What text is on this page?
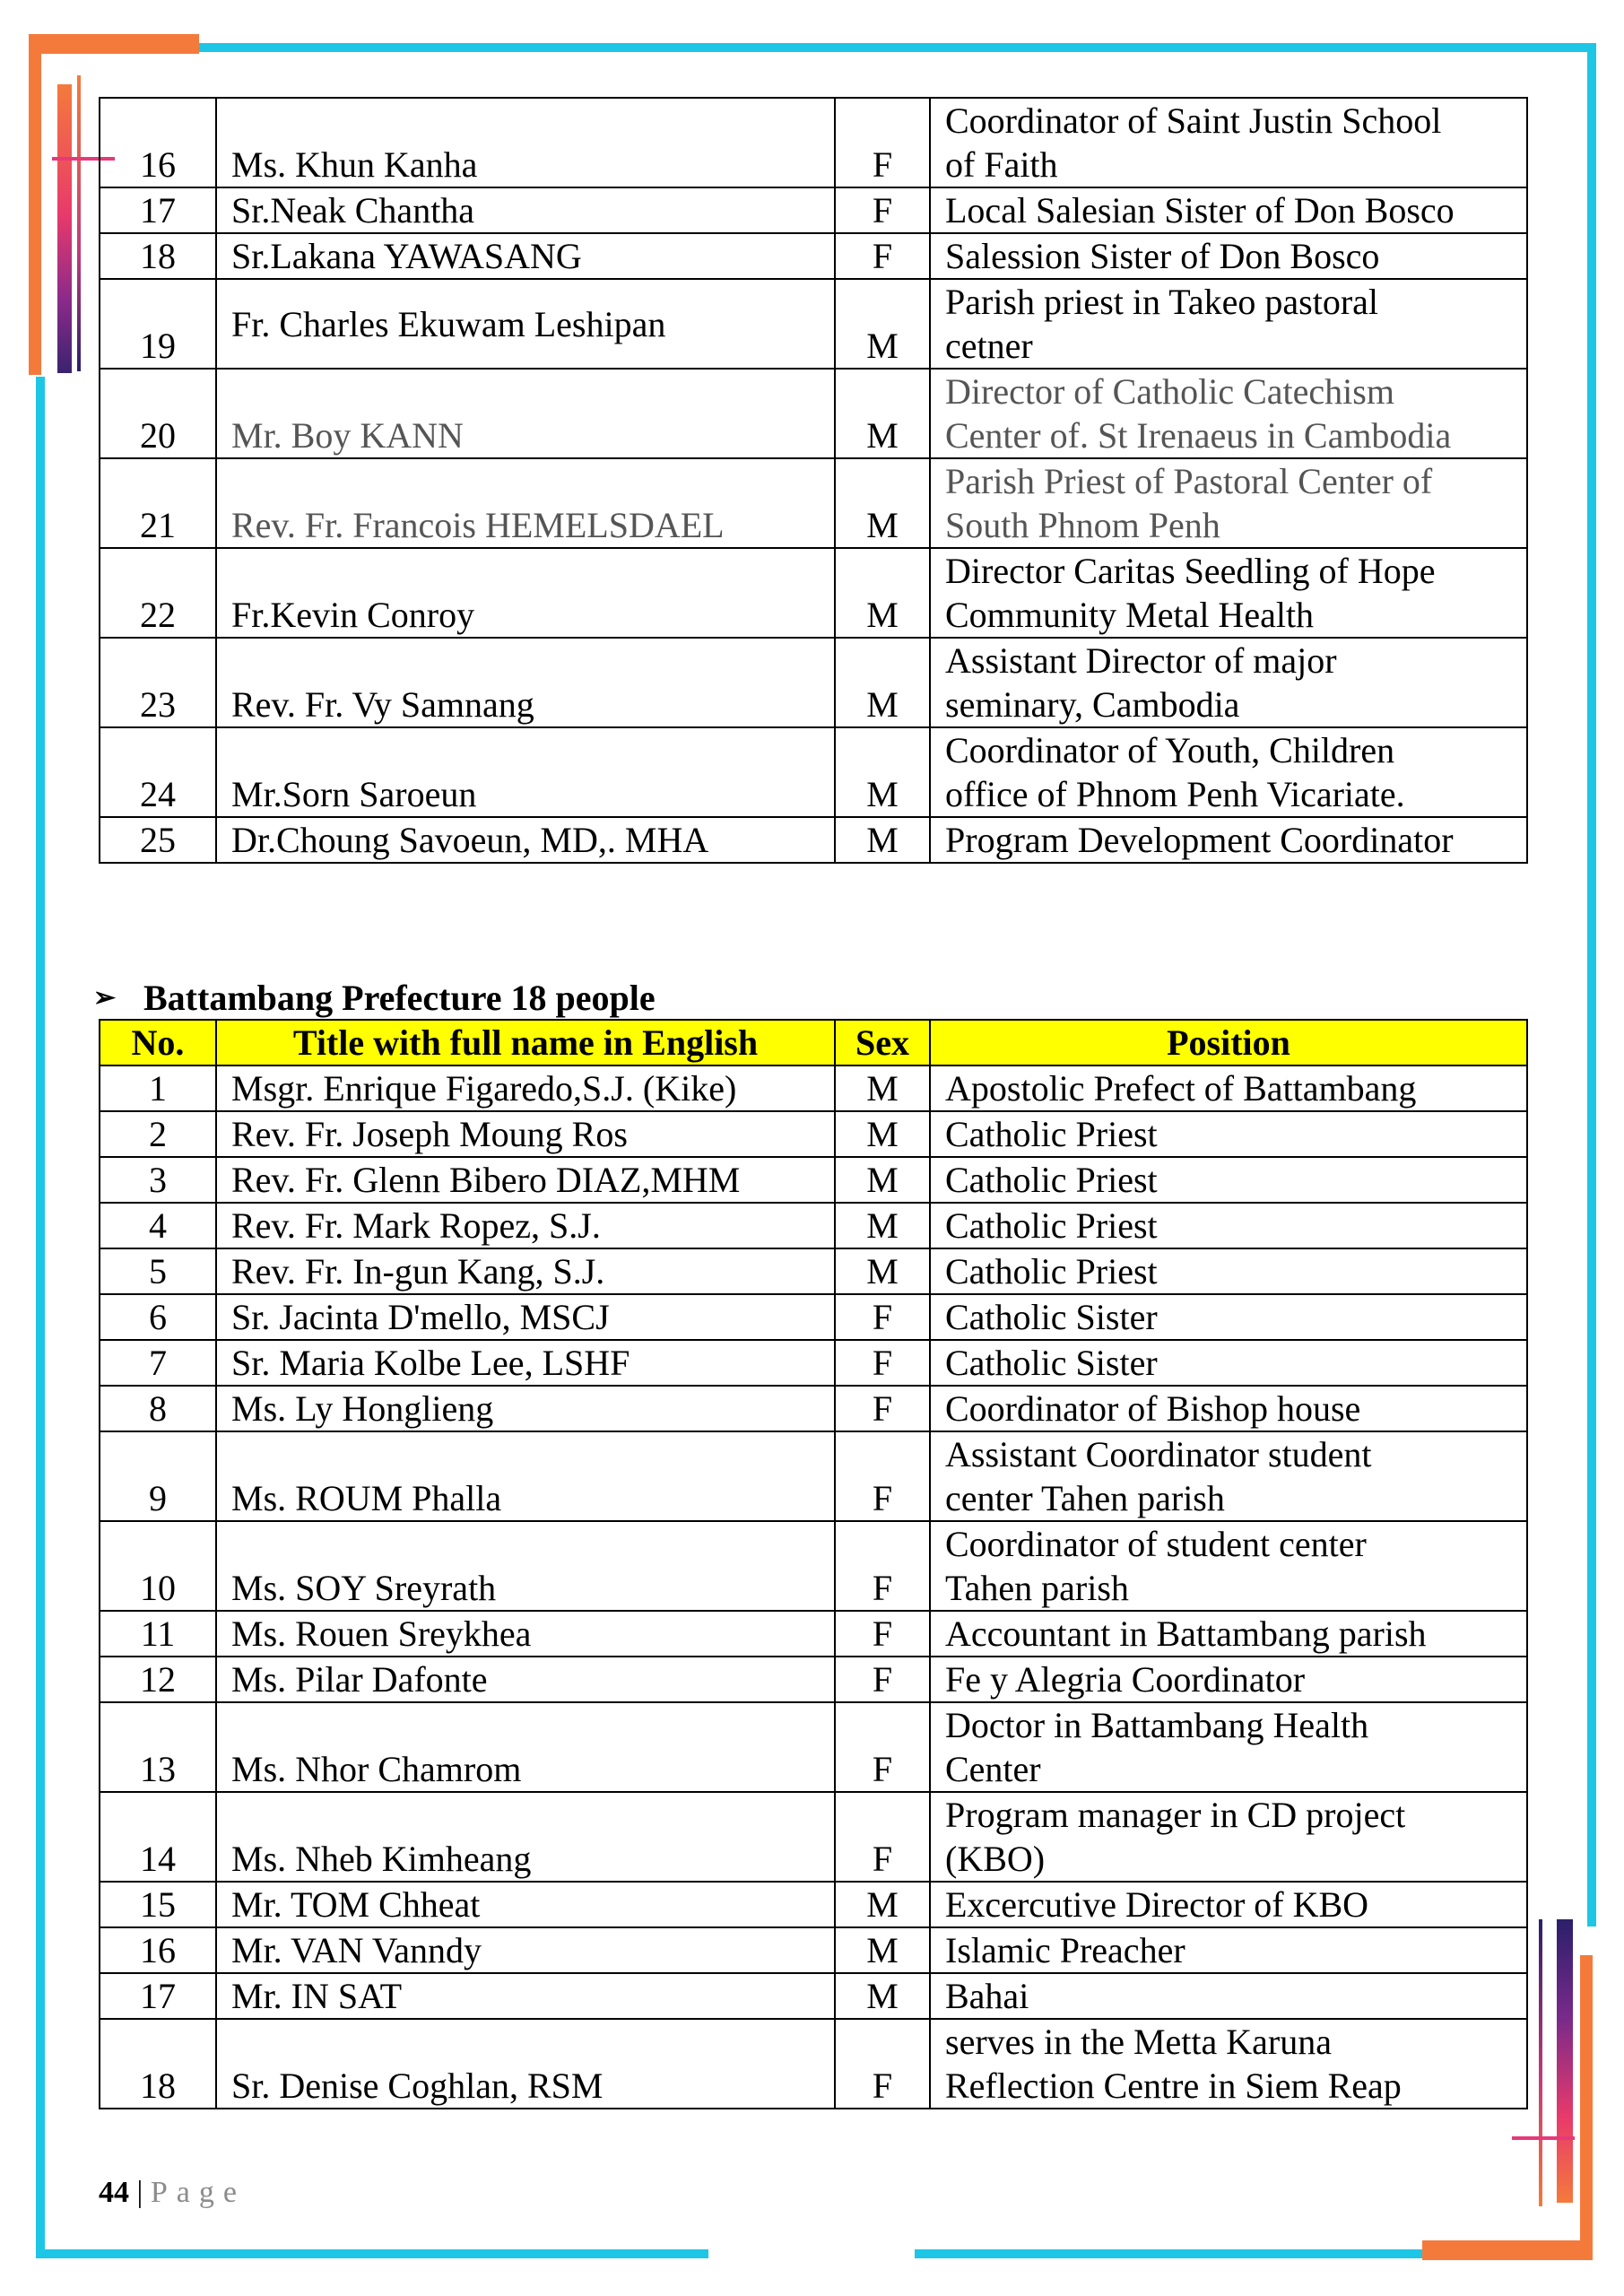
16	Ms. Khun Kanha	F	Coordinator of Saint Justin School
of Faith

17	Sr.Neak Chantha	F	Local Salesian Sister of Don Bosco

18	Sr.Lakana YAWASANG	F	Salession Sister of Don Bosco

19	Fr. Charles Ekuwam Leshipan	M	Parish priest in Takeo pastoral
cetner

20	Mr. Boy KANN	M	Director of Catholic Catechism
Center of. St Irenaeus in Cambodia

21	Rev. Fr. Francois HEMELSDAEL	M	Parish Priest of Pastoral Center of
South Phnom Penh

22	Fr.Kevin Conroy	M	Director Caritas Seedling of Hope
Community Metal Health

23	Rev. Fr. Vy Samnang	M	Assistant Director of major
seminary, Cambodia

24	Mr.Sorn Saroeun	M	Coordinator of Youth, Children
office of Phnom Penh Vicariate.

25	Dr.Choung Savoeun, MD,. MHA	M	Program Development Coordinator
➢ Battambang Prefecture 18 people
No.	Title with full name in English	Sex	Position
1	Msgr. Enrique Figaredo,S.J. (Kike)	M	Apostolic Prefect of Battambang

2	Rev. Fr. Joseph Moung Ros	M	Catholic Priest

3	Rev. Fr. Glenn Bibero DIAZ,MHM	M	Catholic Priest

4	Rev. Fr. Mark Ropez, S.J.	M	Catholic Priest

5	Rev. Fr. In-gun Kang, S.J.	M	Catholic Priest

6	Sr. Jacinta D'mello, MSCJ	F	Catholic Sister

7	Sr. Maria Kolbe Lee, LSHF	F	Catholic Sister

8	Ms. Ly Honglieng	F	Coordinator of Bishop house

9	Ms. ROUM Phalla	F	Assistant Coordinator student
center Tahen parish

10	Ms. SOY Sreyrath	F	Coordinator of student center
Tahen parish

11	Ms. Rouen Sreykhea	F	Accountant in Battambang parish

12	Ms. Pilar Dafonte	F	Fe y Alegria Coordinator

13	Ms. Nhor Chamrom	F	Doctor in Battambang Health
Center

14	Ms. Nheb Kimheang	F	Program manager in CD project
(KBO)

15	Mr. TOM Chheat	M	Excercutive Director of KBO

16	Mr. VAN Vanndy	M	Islamic Preacher

17	Mr. IN SAT	M	Bahai

18	Sr. Denise Coghlan, RSM	F	serves in the Metta Karuna
Reflection Centre in Siem Reap
44 | Page
